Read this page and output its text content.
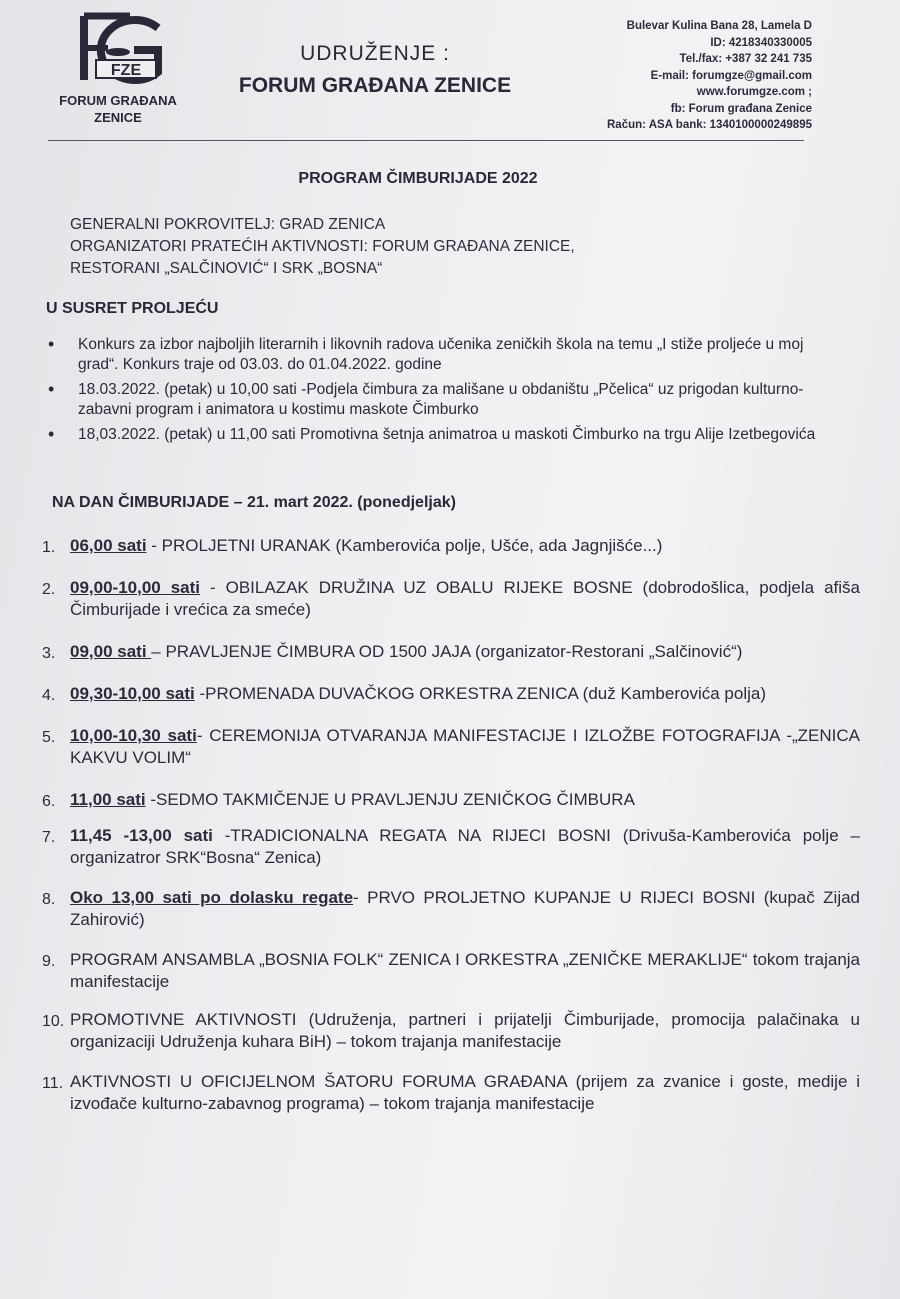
FZE
FORUM GRAĐANA
ZENICE
UDRUŽENJE :
FORUM GRAĐANA ZENICE
Bulevar Kulina Bana 28, Lamela D
ID: 4218340330005
Tel./fax: +387 32 241 735
E-mail: forumgze@gmail.com
www.forumgze.com ;
fb: Forum građana Zenice
Račun: ASA bank: 1340100000249895
PROGRAM ČIMBURIJADE 2022
GENERALNI POKROVITELJ: GRAD ZENICA
ORGANIZATORI PRATEĆIH AKTIVNOSTI: FORUM GRAĐANA ZENICE,
RESTORANI „SALČINOVIĆ“ I SRK „BOSNA“
U SUSRET PROLJEĆU
• Konkurs za izbor najboljih literarnih i likovnih radova učenika zeničkih škola na temu „I stiže proljeće u moj grad“. Konkurs traje od 03.03. do 01.04.2022. godine
• 18.03.2022. (petak) u 10,00 sati -Podjela čimbura za mališane u obdaništu „Pčelica“ uz prigodan kulturno-zabavni program i animatora u kostimu maskote Čimburko
• 18,03.2022. (petak) u 11,00 sati Promotivna šetnja animatroa u maskoti Čimburko na trgu Alije Izetbegovića
NA DAN ČIMBURIJADE – 21. mart 2022. (ponedjeljak)
1. 06,00 sati - PROLJETNI URANAK (Kamberovića polje, Ušće, ada Jagnjišće...)
2. 09,00-10,00 sati - OBILAZAK DRUŽINA UZ OBALU RIJEKE BOSNE (dobrodošlica, podjela afiša Čimburijade i vrećica za smeće)
3. 09,00 sati – PRAVLJENJE ČIMBURA OD 1500 JAJA (organizator-Restorani „Salčinović“)
4. 09,30-10,00 sati -PROMENADA DUVAČKOG ORKESTRA ZENICA (duž Kamberovića polja)
5. 10,00-10,30 sati- CEREMONIJA OTVARANJA MANIFESTACIJE I IZLOŽBE FOTOGRAFIJA -„ZENICA KAKVU VOLIM“
6. 11,00 sati -SEDMO TAKMIČENJE U PRAVLJENJU ZENIČKOG ČIMBURA
7. 11,45 -13,00 sati -TRADICIONALNA REGATA NA RIJECI BOSNI (Drivuša-Kamberovića polje – organizatror SRK“Bosna“ Zenica)
8. Oko 13,00 sati po dolasku regate- PRVO PROLJETNO KUPANJE U RIJECI BOSNI (kupač Zijad Zahirović)
9. PROGRAM ANSAMBLA „BOSNIA FOLK“ ZENICA I ORKESTRA „ZENIČKE MERAKLIJE“ tokom trajanja manifestacije
10. PROMOTIVNE AKTIVNOSTI (Udruženja, partneri i prijatelji Čimburijade, promocija palačinaka u organizaciji Udruženja kuhara BiH) – tokom trajanja manifestacije
11. AKTIVNOSTI U OFICIJELNOM ŠATORU FORUMA GRAĐANA (prijem za zvanice i goste, medije i izvođače kulturno-zabavnog programa) – tokom trajanja manifestacije
